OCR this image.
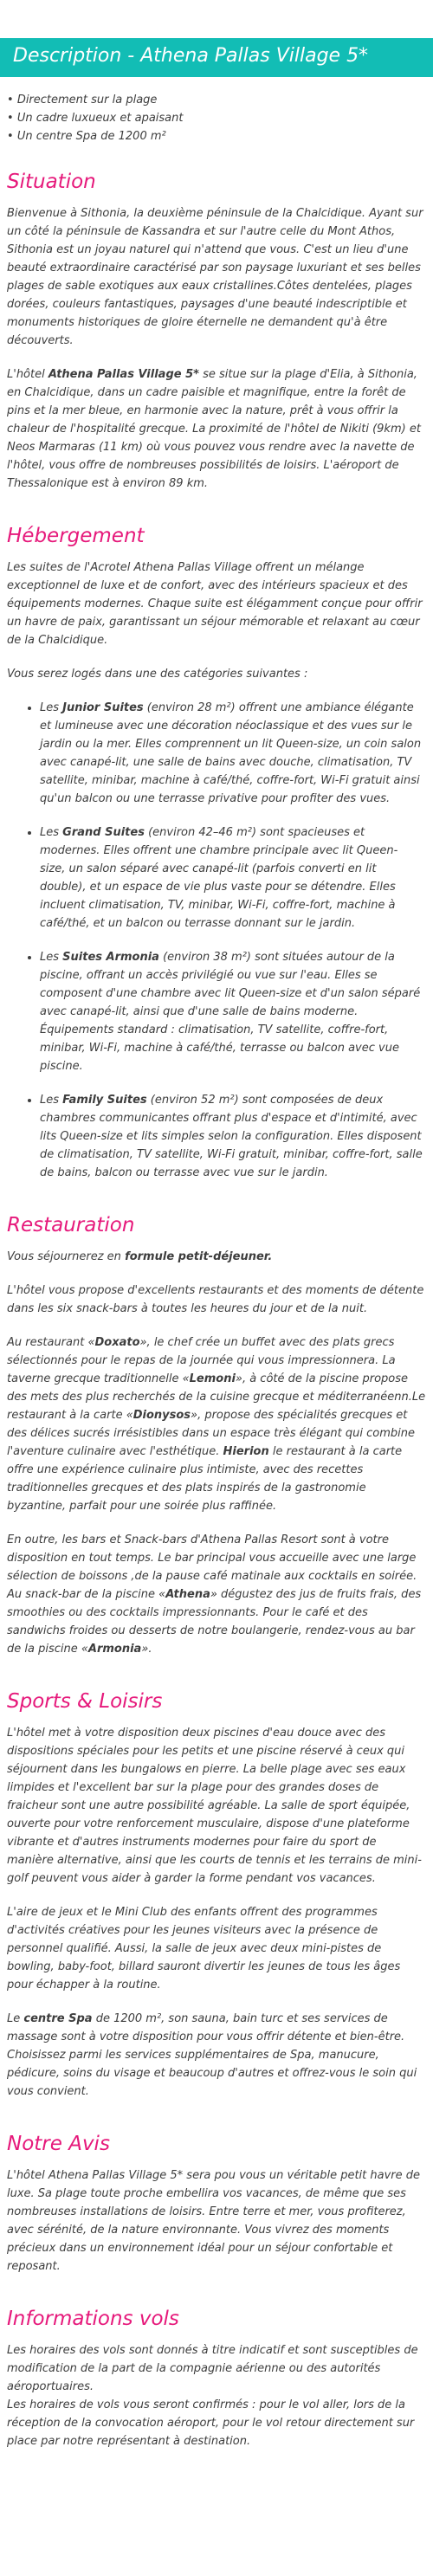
Description - Athena Pallas Village 5*
• Directement sur la plage
• Un cadre luxueux et apaisant
• Un centre Spa de 1200 m²
Situation

Bienvenue à Sithonia, la deuxième péninsule de la Chalcidique. Ayant sur un côté la péninsule de Kassandra et sur l'autre celle du Mont Athos, Sithonia est un joyau naturel qui n'attend que vous. C'est un lieu d'une beauté extraordinaire caractérisé par son paysage luxuriant et ses belles plages de sable exotiques aux eaux cristallines.Côtes dentelées, plages dorées, couleurs fantastiques, paysages d'une beauté indescriptible et monuments historiques de gloire éternelle ne demandent qu'à être découverts.

L'hôtel Athena Pallas Village 5* se situe sur la plage d'Elia, à Sithonia, en Chalcidique, dans un cadre paisible et magnifique, entre la forêt de pins et la mer bleue, en harmonie avec la nature, prêt à vous offrir la chaleur de l'hospitalité grecque. La proximité de l'hôtel de Nikiti (9km) et Neos Marmaras (11 km) où vous pouvez vous rendre avec la navette de l'hôtel, vous offre de nombreuses possibilités de loisirs. L'aéroport de Thessalonique est à environ 89 km.

Hébergement

Les suites de l'Acrotel Athena Pallas Village offrent un mélange exceptionnel de luxe et de confort, avec des intérieurs spacieux et des équipements modernes. Chaque suite est élégamment conçue pour offrir un havre de paix, garantissant un séjour mémorable et relaxant au cœur de la Chalcidique.

Vous serez logés dans une des catégories suivantes :

• Les Junior Suites (environ 28 m²) offrent une ambiance élégante et lumineuse avec une décoration néoclassique et des vues sur le jardin ou la mer. Elles comprennent un lit Queen-size, un coin salon avec canapé-lit, une salle de bains avec douche, climatisation, TV satellite, minibar, machine à café/thé, coffre-fort, Wi-Fi gratuit ainsi qu'un balcon ou une terrasse privative pour profiter des vues.
• Les Grand Suites (environ 42–46 m²) sont spacieuses et modernes. Elles offrent une chambre principale avec lit Queen-size, un salon séparé avec canapé-lit (parfois converti en lit double), et un espace de vie plus vaste pour se détendre. Elles incluent climatisation, TV, minibar, Wi-Fi, coffre-fort, machine à café/thé, et un balcon ou terrasse donnant sur le jardin.
• Les Suites Armonia (environ 38 m²) sont situées autour de la piscine, offrant un accès privilégié ou vue sur l'eau. Elles se composent d'une chambre avec lit Queen-size et d'un salon séparé avec canapé-lit, ainsi que d'une salle de bains moderne. Équipements standard : climatisation, TV satellite, coffre-fort, minibar, Wi-Fi, machine à café/thé, terrasse ou balcon avec vue piscine.
• Les Family Suites (environ 52 m²) sont composées de deux chambres communicantes offrant plus d'espace et d'intimité, avec lits Queen-size et lits simples selon la configuration. Elles disposent de climatisation, TV satellite, Wi-Fi gratuit, minibar, coffre-fort, salle de bains, balcon ou terrasse avec vue sur le jardin.
Restauration

Vous séjournerez en formule petit-déjeuner.

L'hôtel vous propose d'excellents restaurants et des moments de détente dans les six snack-bars à toutes les heures du jour et de la nuit.

Au restaurant «Doxato», le chef crée un buffet avec des plats grecs sélectionnés pour le repas de la journée qui vous impressionnera. La taverne grecque traditionnelle «Lemoni», à côté de la piscine propose des mets des plus recherchés de la cuisine grecque et méditerranéenn.Le restaurant à la carte «Dionysos», propose des spécialités grecques et des délices sucrés irrésistibles dans un espace très élégant qui combine l'aventure culinaire avec l'esthétique. Hierion le restaurant à la carte offre une expérience culinaire plus intimiste, avec des recettes traditionnelles grecques et des plats inspirés de la gastronomie byzantine, parfait pour une soirée plus raffinée.

En outre, les bars et Snack-bars d'Athena Pallas Resort sont à votre disposition en tout temps. Le bar principal vous accueille avec une large sélection de boissons ,de la pause café matinale aux cocktails en soirée. Au snack-bar de la piscine «Athena» dégustez des jus de fruits frais, des smoothies ou des cocktails impressionnants. Pour le café et des sandwichs froides ou desserts de notre boulangerie, rendez-vous au bar de la piscine «Armonia».

Sports & Loisirs

L'hôtel met à votre disposition deux piscines d'eau douce avec des dispositions spéciales pour les petits et une piscine réservé à ceux qui séjournent dans les bungalows en pierre. La belle plage avec ses eaux limpides et l'excellent bar sur la plage pour des grandes doses de fraicheur sont une autre possibilité agréable. La salle de sport équipée, ouverte pour votre renforcement musculaire, dispose d'une plateforme vibrante et d'autres instruments modernes pour faire du sport de manière alternative, ainsi que les courts de tennis et les terrains de mini-golf peuvent vous aider à garder la forme pendant vos vacances.

L'aire de jeux et le Mini Club des enfants offrent des programmes d'activités créatives pour les jeunes visiteurs avec la présence de personnel qualifié. Aussi, la salle de jeux avec deux mini-pistes de bowling, baby-foot, billard sauront divertir les jeunes de tous les âges pour échapper à la routine.

Le centre Spa de 1200 m², son sauna, bain turc et ses services de massage sont à votre disposition pour vous offrir détente et bien-être. Choisissez parmi les services supplémentaires de Spa, manucure, pédicure, soins du visage et beaucoup d'autres et offrez-vous le soin qui vous convient.

Notre Avis

L'hôtel Athena Pallas Village 5* sera pou vous un véritable petit havre de luxe. Sa plage toute proche embellira vos vacances, de même que ses nombreuses installations de loisirs. Entre terre et mer, vous profiterez, avec sérénité, de la nature environnante. Vous vivrez des moments précieux dans un environnement idéal pour un séjour confortable et reposant.

Informations vols

Les horaires des vols sont donnés à titre indicatif et sont susceptibles de modification de la part de la compagnie aérienne ou des autorités aéroportuaires.
Les horaires de vols vous seront confirmés : pour le vol aller, lors de la réception de la convocation aéroport, pour le vol retour directement sur place par notre représentant à destination.
